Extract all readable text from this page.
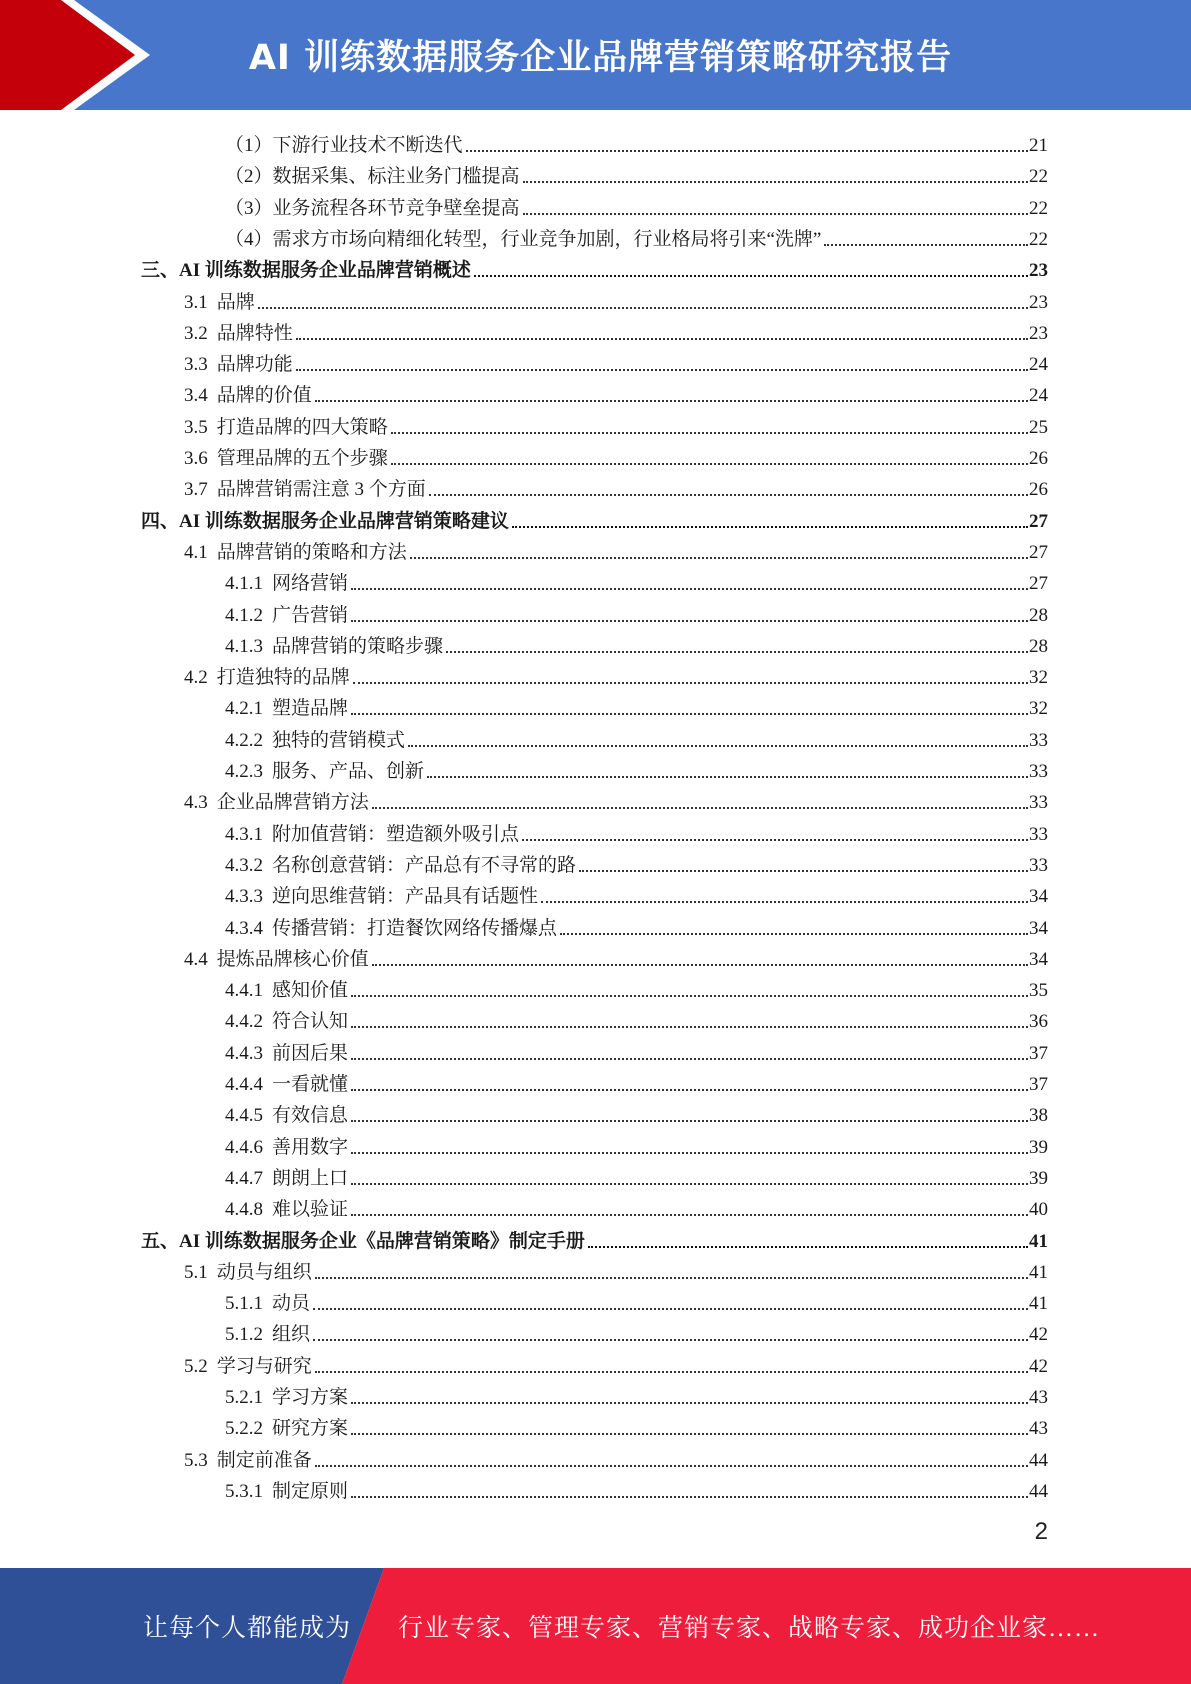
AI 训练数据服务企业品牌营销策略研究报告
（1）下游行业技术不断迭代	21
（2）数据采集、标注业务门槛提高	22
（3）业务流程各环节竞争壁垒提高	22
（4）需求方市场向精细化转型，行业竞争加剧，行业格局将引来“洗牌”	22
三、AI 训练数据服务企业品牌营销概述	23
3.1 品牌	23
3.2 品牌特性	23
3.3 品牌功能	24
3.4 品牌的价值	24
3.5 打造品牌的四大策略	25
3.6 管理品牌的五个步骤	26
3.7 品牌营销需注意 3 个方面	26
四、AI 训练数据服务企业品牌营销策略建议	27
4.1 品牌营销的策略和方法	27
4.1.1 网络营销	27
4.1.2 广告营销	28
4.1.3 品牌营销的策略步骤	28
4.2 打造独特的品牌	32
4.2.1 塑造品牌	32
4.2.2 独特的营销模式	33
4.2.3 服务、产品、创新	33
4.3 企业品牌营销方法	33
4.3.1 附加值营销：塑造额外吸引点	33
4.3.2 名称创意营销：产品总有不寻常的路	33
4.3.3 逆向思维营销：产品具有话题性	34
4.3.4 传播营销：打造餐饮网络传播爆点	34
4.4 提炼品牌核心价值	34
4.4.1 感知价值	35
4.4.2 符合认知	36
4.4.3 前因后果	37
4.4.4 一看就懂	37
4.4.5 有效信息	38
4.4.6 善用数字	39
4.4.7 朗朗上口	39
4.4.8 难以验证	40
五、AI 训练数据服务企业《品牌营销策略》制定手册	41
5.1 动员与组织	41
5.1.1 动员	41
5.1.2 组织	42
5.2 学习与研究	42
5.2.1 学习方案	43
5.2.2 研究方案	43
5.3 制定前准备	44
5.3.1 制定原则	44
2
让每个人都能成为 行业专家、管理专家、营销专家、战略专家、成功企业家……
